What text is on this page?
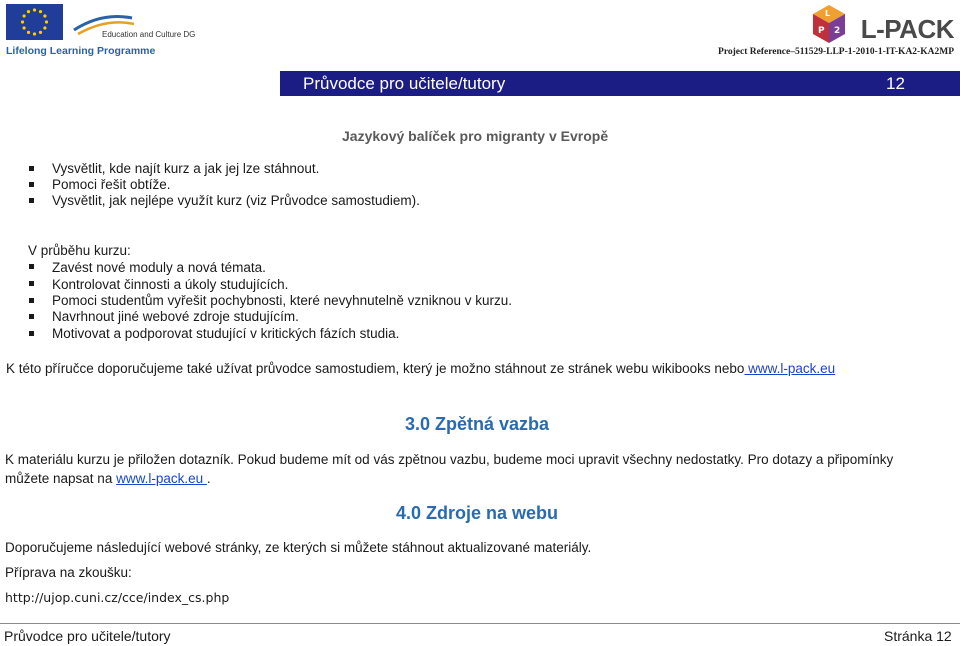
Education and Culture DG
Lifelong Learning Programme
L
P 2 L-PACK
Project Reference–511529-LLP-1-2010-1-IT-KA2-KA2MP
Průvodce pro učitele/tutory	12
Jazykový balíček pro migranty v Evropě
Vysvětlit, kde najít kurz a jak jej lze stáhnout.
Pomoci řešit obtíže.
Vysvětlit, jak nejlépe využít kurz (viz Průvodce samostudiem).
V průběhu kurzu:
Zavést nové moduly a nová témata.
Kontrolovat činnosti a úkoly studujících.
Pomoci studentům vyřešit pochybnosti, které nevyhnutelně vzniknou v kurzu.
Navrhnout jiné webové zdroje studujícím.
Motivovat a podporovat studující v kritických fázích studia.
K této příručce doporučujeme také užívat průvodce samostudiem, který je možno stáhnout ze stránek webu wikibooks nebo www.l-pack.eu
3.0 Zpětná vazba
K materiálu kurzu je přiložen dotazník. Pokud budeme mít od vás zpětnou vazbu, budeme moci upravit všechny nedostatky. Pro dotazy a připomínky
můžete napsat na www.l-pack.eu .
4.0 Zdroje na webu
Doporučujeme následující webové stránky, ze kterých si můžete stáhnout aktualizované materiály.
Příprava na zkoušku:
http://ujop.cuni.cz/cce/index_cs.php
Průvodce pro učitele/tutory	Stránka 12
